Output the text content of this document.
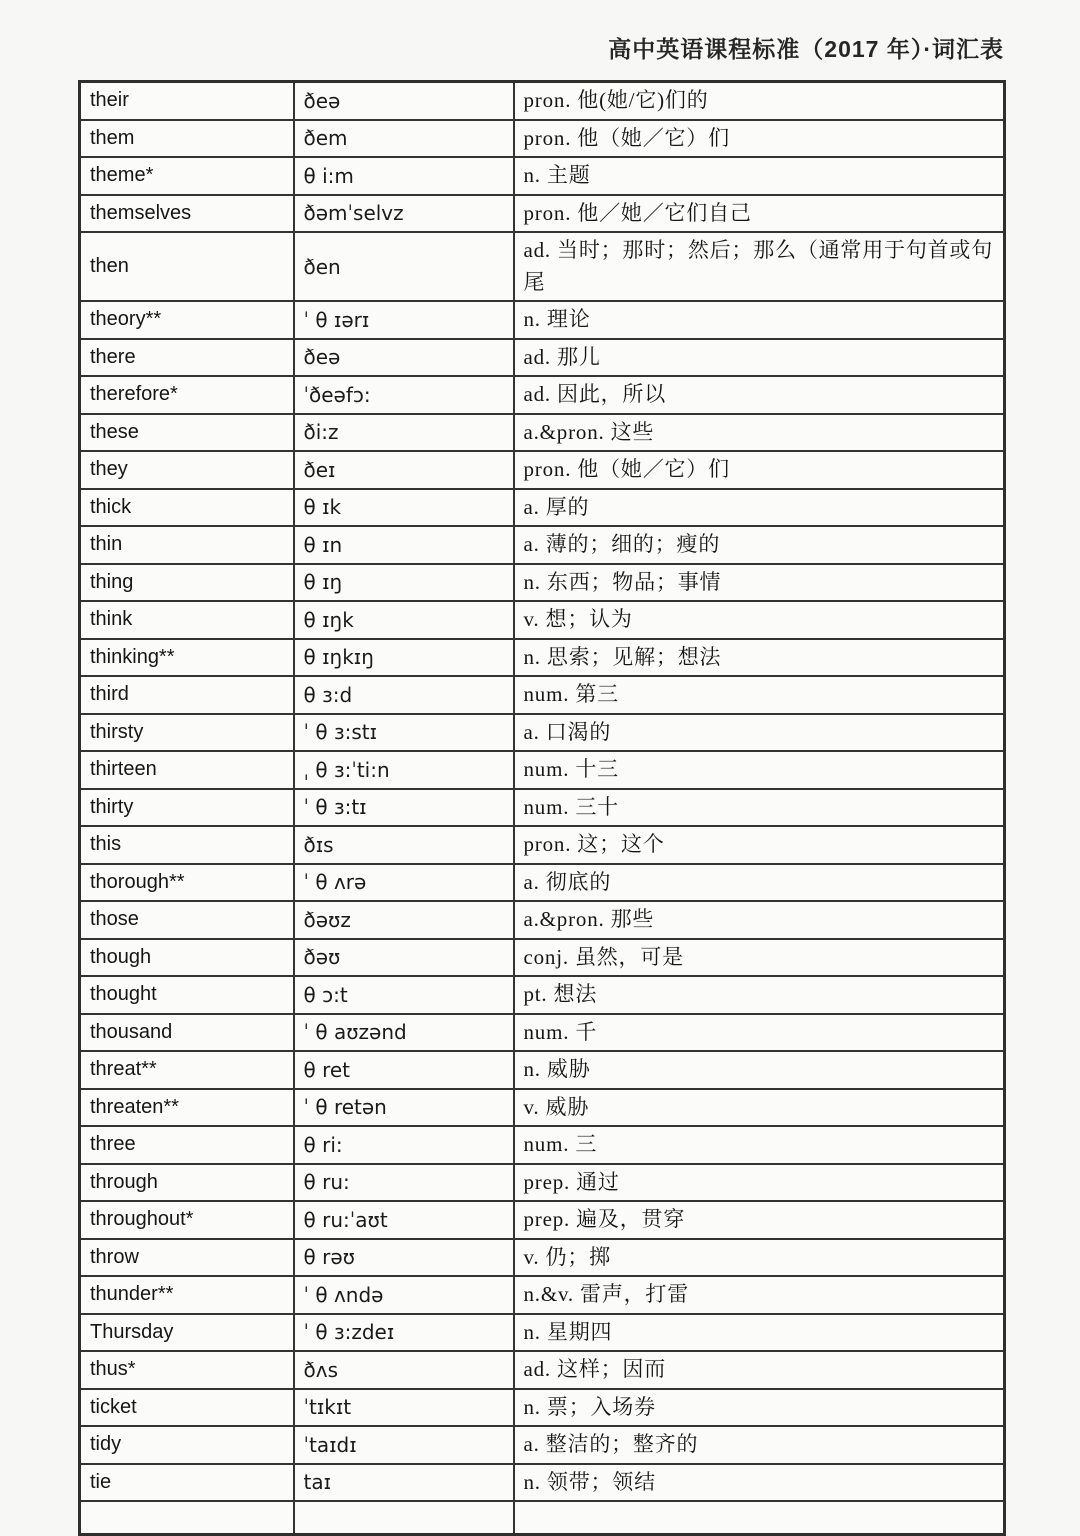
高中英语课程标准（2017 年）·词汇表
their	ðeə	pron. 他(她/它)们的
them	ðem	pron. 他（她／它）们
theme*	θ i:m	n. 主题
themselves	ðəmˈselvz	pron. 他／她／它们自己
then	ðen	ad. 当时；那时；然后；那么（通常用于句首或句尾
theory**	ˈ θ ɪərɪ	n. 理论
there	ðeə	ad. 那儿
therefore*	ˈðeəfɔ:	ad. 因此，所以
these	ði:z	a.&pron. 这些
they	ðeɪ	pron. 他（她／它）们
thick	θ ɪk	a. 厚的
thin	θ ɪn	a. 薄的；细的；瘦的
thing	θ ɪŋ	n. 东西；物品；事情
think	θ ɪŋk	v. 想；认为
thinking**	θ ɪŋkɪŋ	n. 思索；见解；想法
third	θ ɜ:d	num. 第三
thirsty	ˈ θ ɜ:stɪ	a. 口渴的
thirteen	ˌ θ ɜ:ˈti:n	num. 十三
thirty	ˈ θ ɜ:tɪ	num. 三十
this	ðɪs	pron. 这；这个
thorough**	ˈ θ ʌrə	a. 彻底的
those	ðəʊz	a.&pron. 那些
though	ðəʊ	conj. 虽然，可是
thought	θ ɔ:t	pt. 想法
thousand	ˈ θ aʊzənd	num. 千
threat**	θ ret	n. 威胁
threaten**	ˈ θ retən	v. 威胁
three	θ ri:	num. 三
through	θ ru:	prep. 通过
throughout*	θ ru:ˈaʊt	prep. 遍及，贯穿
throw	θ rəʊ	v. 仍；掷
thunder**	ˈ θ ʌndə	n.&v. 雷声，打雷
Thursday	ˈ θ ɜ:zdeɪ	n. 星期四
thus*	ðʌs	ad. 这样；因而
ticket	ˈtɪkɪt	n. 票；入场券
tidy	ˈtaɪdɪ	a. 整洁的；整齐的
tie	taɪ	n. 领带；领结
